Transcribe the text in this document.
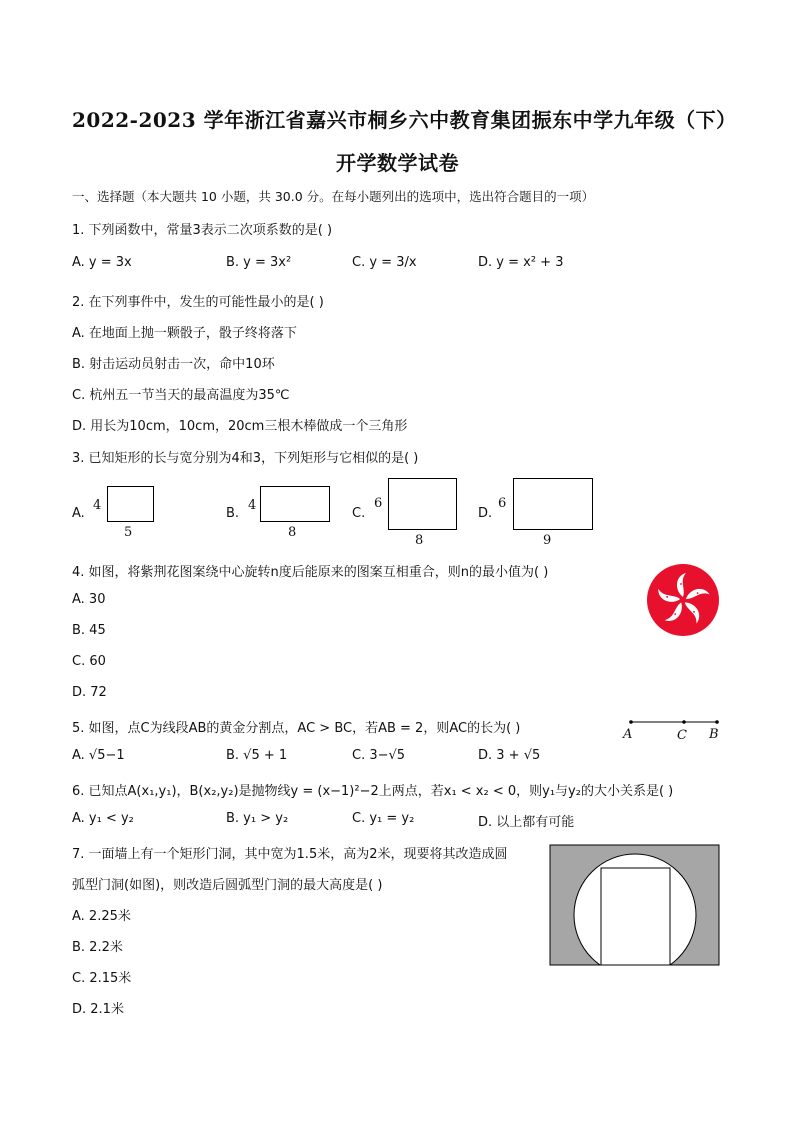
2022-2023 学年浙江省嘉兴市桐乡六中教育集团振东中学九年级（下）
开学数学试卷
一、选择题（本大题共 10 小题，共 30.0 分。在每小题列出的选项中，选出符合题目的一项）
1. 下列函数中，常量3表示二次项系数的是( )
A. y = 3x	B. y = 3x²	C. y = 3/x	D. y = x² + 3
2. 在下列事件中，发生的可能性最小的是( )
A. 在地面上抛一颗骰子，骰子终将落下
B. 射击运动员射击一次，命中10环
C. 杭州五一节当天的最高温度为35℃
D. 用长为10cm，10cm，20cm三根木棒做成一个三角形
3. 已知矩形的长与宽分别为4和3，下列矩形与它相似的是( )
A.
4
5
B.
4
8
C.
6
8
D.
6
9
4. 如图，将紫荆花图案绕中心旋转n度后能原来的图案互相重合，则n的最小值为( )
A. 30
B. 45
C. 60
D. 72
5. 如图，点C为线段AB的黄金分割点，AC > BC，若AB = 2，则AC的长为( )
A. √5−1	B. √5 + 1	C. 3−√5	D. 3 + √5
A	C B
6. 已知点A(x₁,y₁)，B(x₂,y₂)是抛物线y = (x−1)²−2上两点，若x₁ < x₂ < 0，则y₁与y₂的大小关系是( )
A. y₁ < y₂	B. y₁ > y₂	C. y₁ = y₂	D. 以上都有可能
7. 一面墙上有一个矩形门洞，其中宽为1.5米，高为2米，现要将其改造成圆
弧型门洞(如图)，则改造后圆弧型门洞的最大高度是( )
A. 2.25米
B. 2.2米
C. 2.15米
D. 2.1米
